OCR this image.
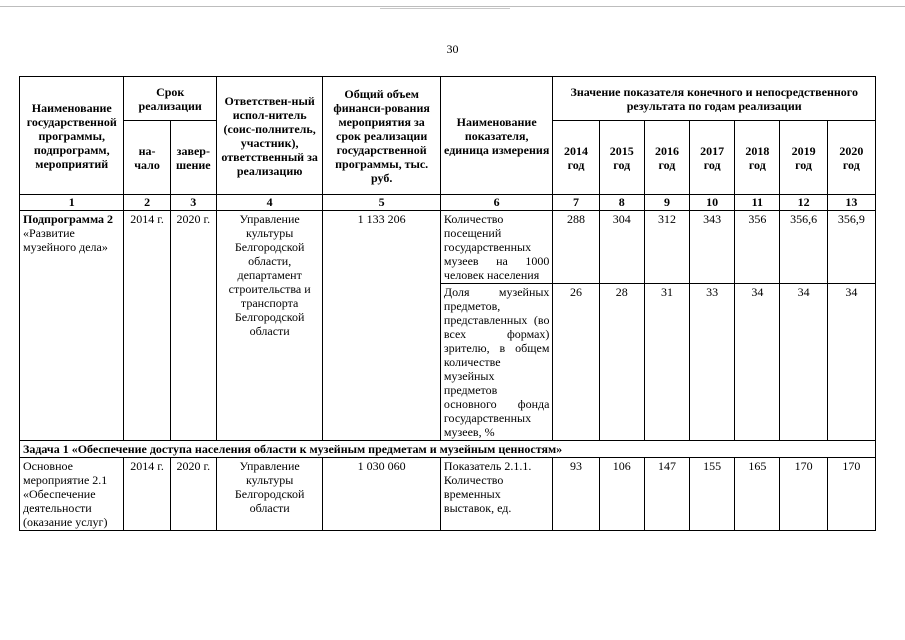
30
Наименование государственной программы, подпрограмм, мероприятий	Срок реализации		Ответствен-ный испол-нитель (соис-полнитель, участник), ответственный за реализацию	Общий объем финанси-рования мероприятия за срок реализации государственной программы, тыс. руб.	Наименование показателя, единица измерения	Значение показателя конечного и непосредственного результата по годам реализации						
	на-чало	завер-шение				2014 год	2015 год	2016 год	2017 год	2018 год	2019 год	2020 год
1	2	3	4	5	6	7	8	9	10	11	12	13
Подпрограмма 2 «Развитие музейного дела»	2014 г.	2020 г.	Управление культуры Белгородской области, департамент строительства и транспорта Белгородской области	1 133 206	Количество посещений государственных музеев на 1000 человек населения	288	304	312	343	356	356,6	356,9
					Доля музейных предметов, представленных (во всех формах) зрителю, в общем количестве музейных предметов основного фонда государственных музеев, %	26	28	31	33	34	34	34
Задача 1 «Обеспечение доступа населения области к музейным предметам и музейным ценностям»												
Основное мероприятие 2.1 «Обеспечение деятельности (оказание услуг)	2014 г.	2020 г.	Управление культуры Белгородской области	1 030 060	Показатель 2.1.1. Количество временных выставок, ед.	93	106	147	155	165	170	170
